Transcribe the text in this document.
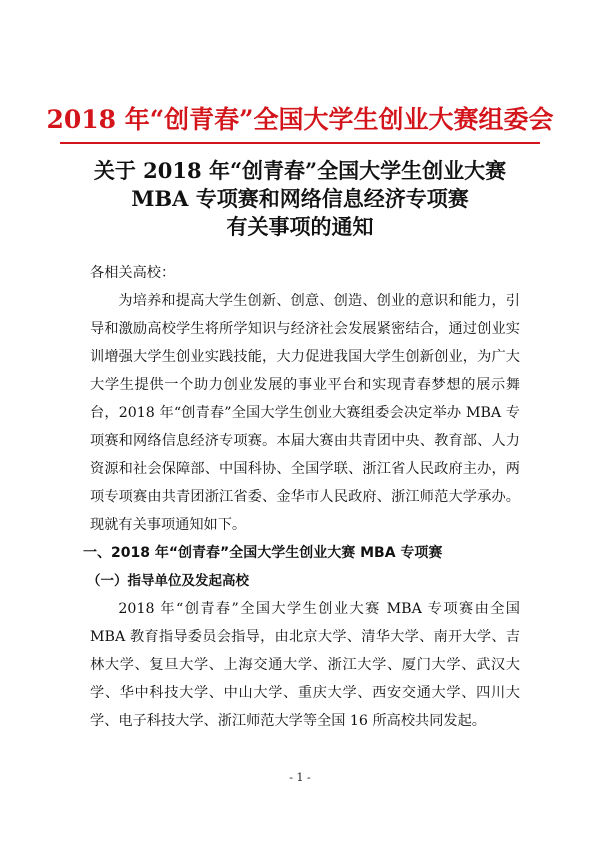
2018 年“创青春”全国大学生创业大赛组委会
关于 2018 年“创青春”全国大学生创业大赛
MBA 专项赛和网络信息经济专项赛
有关事项的通知

各相关高校：

为培养和提高大学生创新、创意、创造、创业的意识和能力，引导和激励高校学生将所学知识与经济社会发展紧密结合，通过创业实训增强大学生创业实践技能，大力促进我国大学生创新创业，为广大大学生提供一个助力创业发展的事业平台和实现青春梦想的展示舞台，2018 年“创青春”全国大学生创业大赛组委会决定举办 MBA 专项赛和网络信息经济专项赛。本届大赛由共青团中央、教育部、人力资源和社会保障部、中国科协、全国学联、浙江省人民政府主办，两项专项赛由共青团浙江省委、金华市人民政府、浙江师范大学承办。现就有关事项通知如下。

一、2018 年“创青春”全国大学生创业大赛 MBA 专项赛

（一）指导单位及发起高校

2018 年“创青春”全国大学生创业大赛 MBA 专项赛由全国 MBA 教育指导委员会指导，由北京大学、清华大学、南开大学、吉林大学、复旦大学、上海交通大学、浙江大学、厦门大学、武汉大学、华中科技大学、中山大学、重庆大学、西安交通大学、四川大学、电子科技大学、浙江师范大学等全国 16 所高校共同发起。

- 1 -
